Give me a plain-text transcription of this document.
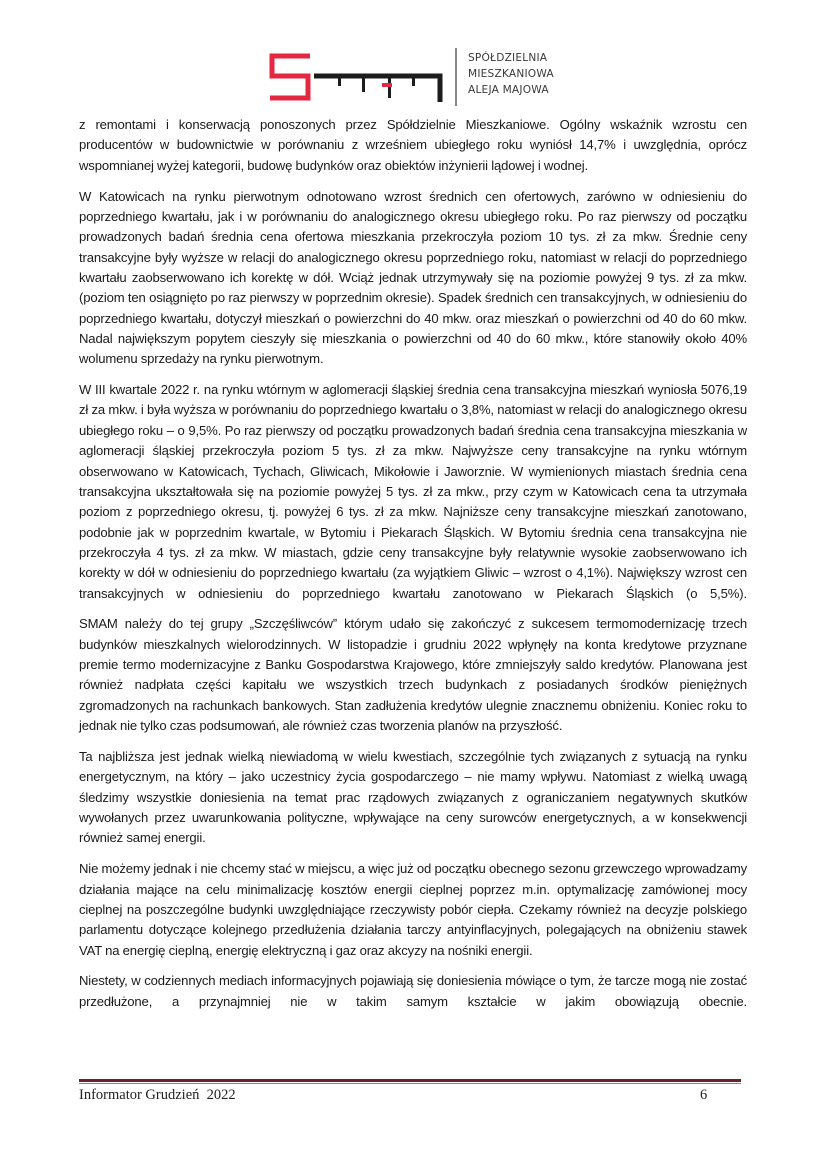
SPÓŁDZIELNIA
MIESZKANIOWA
ALEJA MAJOWA

z remontami i konserwacją ponoszonych przez Spółdzielnie Mieszkaniowe. Ogólny wskaźnik wzrostu cen producentów w budownictwie w porównaniu z wrześniem ubiegłego roku wyniósł 14,7% i uwzględnia, oprócz wspomnianej wyżej kategorii, budowę budynków oraz obiektów inżynierii lądowej i wodnej.

W Katowicach na rynku pierwotnym odnotowano wzrost średnich cen ofertowych, zarówno w odniesieniu do poprzedniego kwartału, jak i w porównaniu do analogicznego okresu ubiegłego roku. Po raz pierwszy od początku prowadzonych badań średnia cena ofertowa mieszkania przekroczyła poziom 10 tys. zł za mkw. Średnie ceny transakcyjne były wyższe w relacji do analogicznego okresu poprzedniego roku, natomiast w relacji do poprzedniego kwartału zaobserwowano ich korektę w dół. Wciąż jednak utrzymywały się na poziomie powyżej 9 tys. zł za mkw. (poziom ten osiągnięto po raz pierwszy w poprzednim okresie). Spadek średnich cen transakcyjnych, w odniesieniu do poprzedniego kwartału, dotyczył mieszkań o powierzchni do 40 mkw. oraz mieszkań o powierzchni od 40 do 60 mkw. Nadal największym popytem cieszyły się mieszkania o powierzchni od 40 do 60 mkw., które stanowiły około 40% wolumenu sprzedaży na rynku pierwotnym.

W III kwartale 2022 r. na rynku wtórnym w aglomeracji śląskiej średnia cena transakcyjna mieszkań wyniosła 5076,19 zł za mkw. i była wyższa w porównaniu do poprzedniego kwartału o 3,8%, natomiast w relacji do analogicznego okresu ubiegłego roku – o 9,5%. Po raz pierwszy od początku prowadzonych badań średnia cena transakcyjna mieszkania w aglomeracji śląskiej przekroczyła poziom 5 tys. zł za mkw. Najwyższe ceny transakcyjne na rynku wtórnym obserwowano w Katowicach, Tychach, Gliwicach, Mikołowie i Jaworznie. W wymienionych miastach średnia cena transakcyjna ukształtowała się na poziomie powyżej 5 tys. zł za mkw., przy czym w Katowicach cena ta utrzymała poziom z poprzedniego okresu, tj. powyżej 6 tys. zł za mkw. Najniższe ceny transakcyjne mieszkań zanotowano, podobnie jak w poprzednim kwartale, w Bytomiu i Piekarach Śląskich. W Bytomiu średnia cena transakcyjna nie przekroczyła 4 tys. zł za mkw. W miastach, gdzie ceny transakcyjne były relatywnie wysokie zaobserwowano ich korekty w dół w odniesieniu do poprzedniego kwartału (za wyjątkiem Gliwic – wzrost o 4,1%). Największy wzrost cen transakcyjnych w odniesieniu do poprzedniego kwartału zanotowano w Piekarach Śląskich (o 5,5%).

SMAM należy do tej grupy „Szczęśliwców” którym udało się zakończyć z sukcesem termomodernizację trzech budynków mieszkalnych wielorodzinnych. W listopadzie i grudniu 2022 wpłynęły na konta kredytowe przyznane premie termo modernizacyjne z Banku Gospodarstwa Krajowego, które zmniejszyły saldo kredytów. Planowana jest również nadpłata części kapitału we wszystkich trzech budynkach z posiadanych środków pieniężnych zgromadzonych na rachunkach bankowych. Stan zadłużenia kredytów ulegnie znacznemu obniżeniu. Koniec roku to jednak nie tylko czas podsumowań, ale również czas tworzenia planów na przyszłość.

Ta najbliższa jest jednak wielką niewiadomą w wielu kwestiach, szczególnie tych związanych z sytuacją na rynku energetycznym, na który – jako uczestnicy życia gospodarczego – nie mamy wpływu. Natomiast z wielką uwagą śledzimy wszystkie doniesienia na temat prac rządowych związanych z ograniczaniem negatywnych skutków wywołanych przez uwarunkowania polityczne, wpływające na ceny surowców energetycznych, a w konsekwencji również samej energii.

Nie możemy jednak i nie chcemy stać w miejscu, a więc już od początku obecnego sezonu grzewczego wprowadzamy działania mające na celu minimalizację kosztów energii cieplnej poprzez m.in. optymalizację zamówionej mocy cieplnej na poszczególne budynki uwzględniające rzeczywisty pobór ciepła. Czekamy również na decyzje polskiego parlamentu dotyczące kolejnego przedłużenia działania tarczy antyinflacyjnych, polegających na obniżeniu stawek VAT na energię cieplną, energię elektryczną i gaz oraz akcyzy na nośniki energii.

Niestety, w codziennych mediach informacyjnych pojawiają się doniesienia mówiące o tym, że tarcze mogą nie zostać przedłużone, a przynajmniej nie w takim samym kształcie w jakim obowiązują obecnie.

Informator Grudzień  2022	6
